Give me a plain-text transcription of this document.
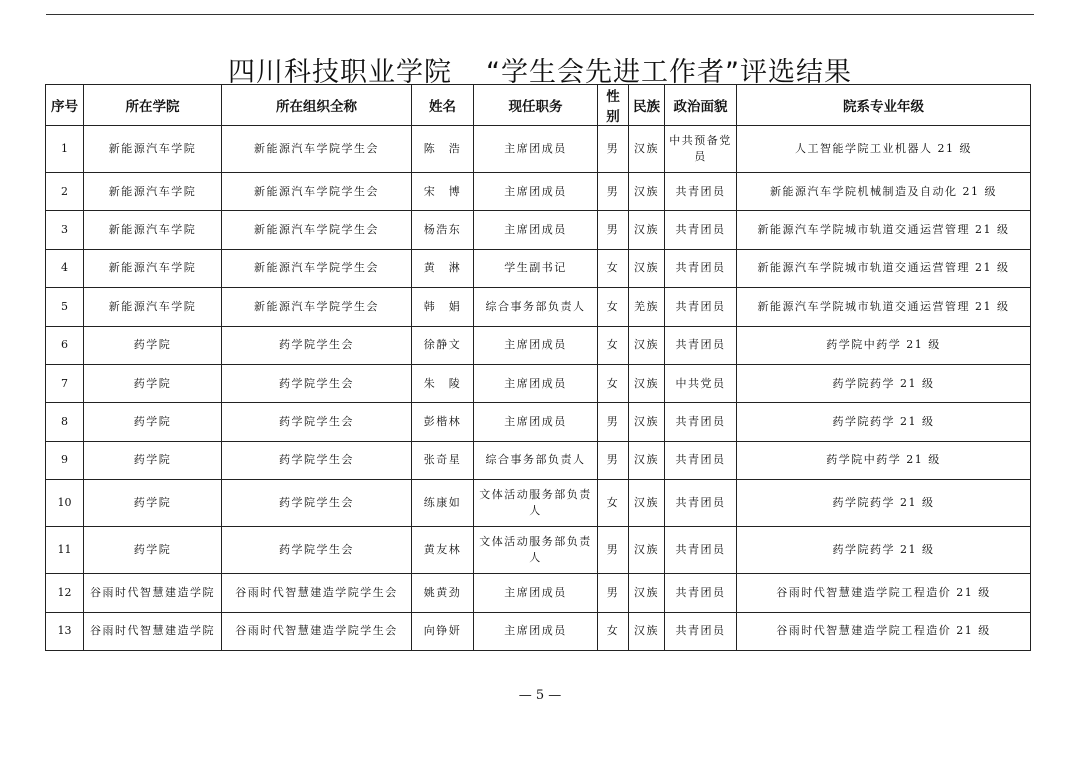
四川科技职业学院 “学生会先进工作者”评选结果
序号	所在学院	所在组织全称	姓名	现任职务	性别	民族	政治面貌	院系专业年级
1	新能源汽车学院	新能源汽车学院学生会	陈　浩	主席团成员	男	汉族	中共预备党员	人工智能学院工业机器人 21 级
2	新能源汽车学院	新能源汽车学院学生会	宋　博	主席团成员	男	汉族	共青团员	新能源汽车学院机械制造及自动化 21 级
3	新能源汽车学院	新能源汽车学院学生会	杨浩东	主席团成员	男	汉族	共青团员	新能源汽车学院城市轨道交通运营管理 21 级
4	新能源汽车学院	新能源汽车学院学生会	黄　淋	学生副书记	女	汉族	共青团员	新能源汽车学院城市轨道交通运营管理 21 级
5	新能源汽车学院	新能源汽车学院学生会	韩　娟	综合事务部负责人	女	羌族	共青团员	新能源汽车学院城市轨道交通运营管理 21 级
6	药学院	药学院学生会	徐静文	主席团成员	女	汉族	共青团员	药学院中药学 21 级
7	药学院	药学院学生会	朱　陵	主席团成员	女	汉族	中共党员	药学院药学 21 级
8	药学院	药学院学生会	彭楷林	主席团成员	男	汉族	共青团员	药学院药学 21 级
9	药学院	药学院学生会	张奇星	综合事务部负责人	男	汉族	共青团员	药学院中药学 21 级
10	药学院	药学院学生会	练康如	文体活动服务部负责人	女	汉族	共青团员	药学院药学 21 级
11	药学院	药学院学生会	黄友林	文体活动服务部负责人	男	汉族	共青团员	药学院药学 21 级
12	谷雨时代智慧建造学院	谷雨时代智慧建造学院学生会	姚黄劲	主席团成员	男	汉族	共青团员	谷雨时代智慧建造学院工程造价 21 级
13	谷雨时代智慧建造学院	谷雨时代智慧建造学院学生会	向铮妍	主席团成员	女	汉族	共青团员	谷雨时代智慧建造学院工程造价 21 级
— 5 —
